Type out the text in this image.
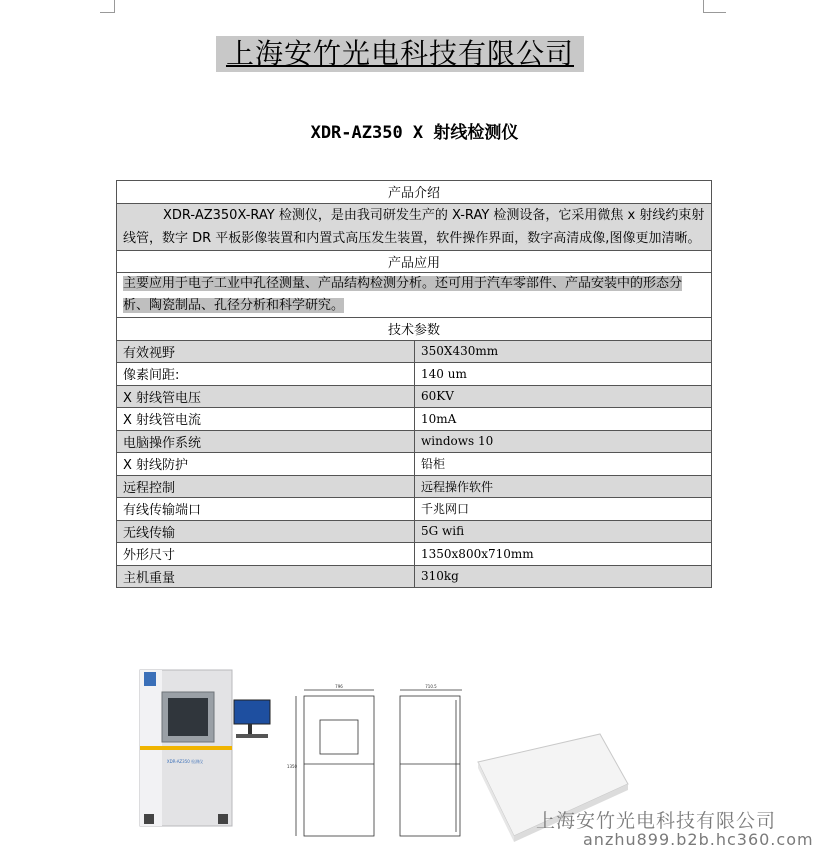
上海安竹光电科技有限公司
XDR-AZ350 X 射线检测仪
产品介绍	
XDR-AZ350X-RAY 检测仪，是由我司研发生产的 X-RAY 检测设备，它采用微焦 x 射线约束射线管，数字 DR 平板影像装置和内置式高压发生装置，软件操作界面，数字高清成像,图像更加清晰。	
产品应用	
主要应用于电子工业中孔径测量、产品结构检测分析。还可用于汽车零部件、产品安装中的形态分析、陶瓷制品、孔径分析和科学研究。	
技术参数	
有效视野	350X430mm
像素间距:	140 um
X 射线管电压	60KV
X 射线管电流	10mA
电脑操作系统	windows 10
X 射线防护	铅柜
远程控制	远程操作软件
有线传输端口	千兆网口
无线传输	5G wifi
外形尺寸	1350x800x710mm
主机重量	310kg
XDR-AZ350 检测仪
796
1350
710.5
上海安竹光电科技有限公司
anzhu899.b2b.hc360.com
